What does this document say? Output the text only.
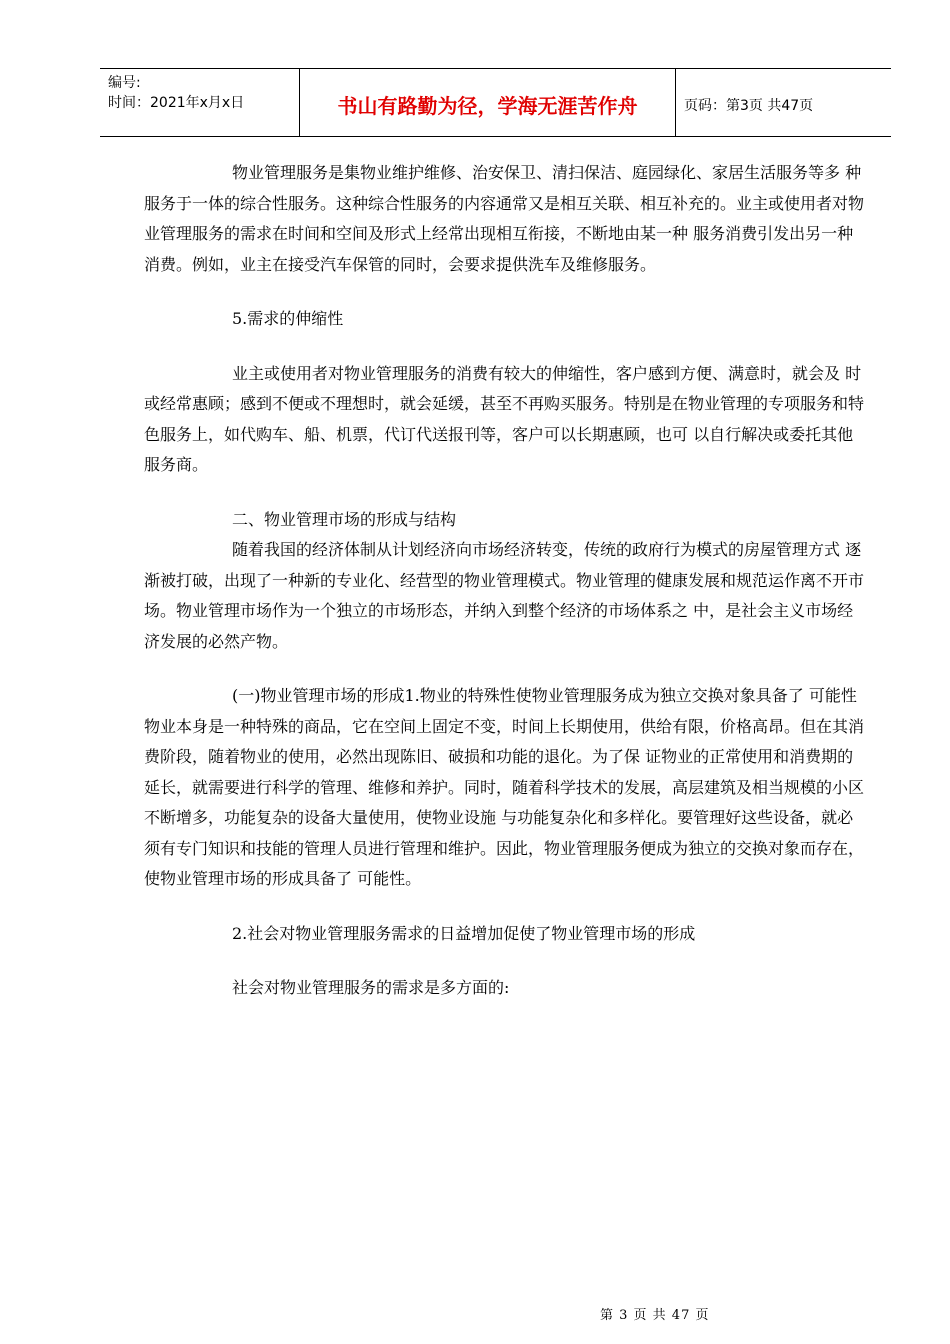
编号:
时间：2021年x月x日	书山有路勤为径，学海无涯苦作舟	页码：第3页 共47页

物业管理服务是集物业维护维修、治安保卫、清扫保洁、庭园绿化、家居生活服务等多 种服务于一体的综合性服务。这种综合性服务的内容通常又是相互关联、相互补充的。业主或使用者对物业管理服务的需求在时间和空间及形式上经常出现相互衔接，不断地由某一种 服务消费引发出另一种消费。例如，业主在接受汽车保管的同时，会要求提供洗车及维修服务。

5.需求的伸缩性

业主或使用者对物业管理服务的消费有较大的伸缩性，客户感到方便、满意时，就会及 时或经常惠顾；感到不便或不理想时，就会延缓，甚至不再购买服务。特别是在物业管理的专项服务和特色服务上，如代购车、船、机票，代订代送报刊等，客户可以长期惠顾，也可 以自行解决或委托其他服务商。

二、物业管理市场的形成与结构

随着我国的经济体制从计划经济向市场经济转变，传统的政府行为模式的房屋管理方式 逐渐被打破，出现了一种新的专业化、经营型的物业管理模式。物业管理的健康发展和规范运作离不开市场。物业管理市场作为一个独立的市场形态，并纳入到整个经济的市场体系之 中，是社会主义市场经济发展的必然产物。

(一)物业管理市场的形成1.物业的特殊性使物业管理服务成为独立交换对象具备了 可能性物业本身是一种特殊的商品，它在空间上固定不变，时间上长期使用，供给有限，价格高昂。但在其消费阶段，随着物业的使用，必然出现陈旧、破损和功能的退化。为了保 证物业的正常使用和消费期的延长，就需要进行科学的管理、维修和养护。同时，随着科学技术的发展，高层建筑及相当规模的小区不断增多，功能复杂的设备大量使用，使物业设施 与功能复杂化和多样化。要管理好这些设备，就必须有专门知识和技能的管理人员进行管理和维护。因此，物业管理服务便成为独立的交换对象而存在，使物业管理市场的形成具备了 可能性。

2.社会对物业管理服务需求的日益增加促使了物业管理市场的形成

社会对物业管理服务的需求是多方面的:

第 3 页 共 47 页
